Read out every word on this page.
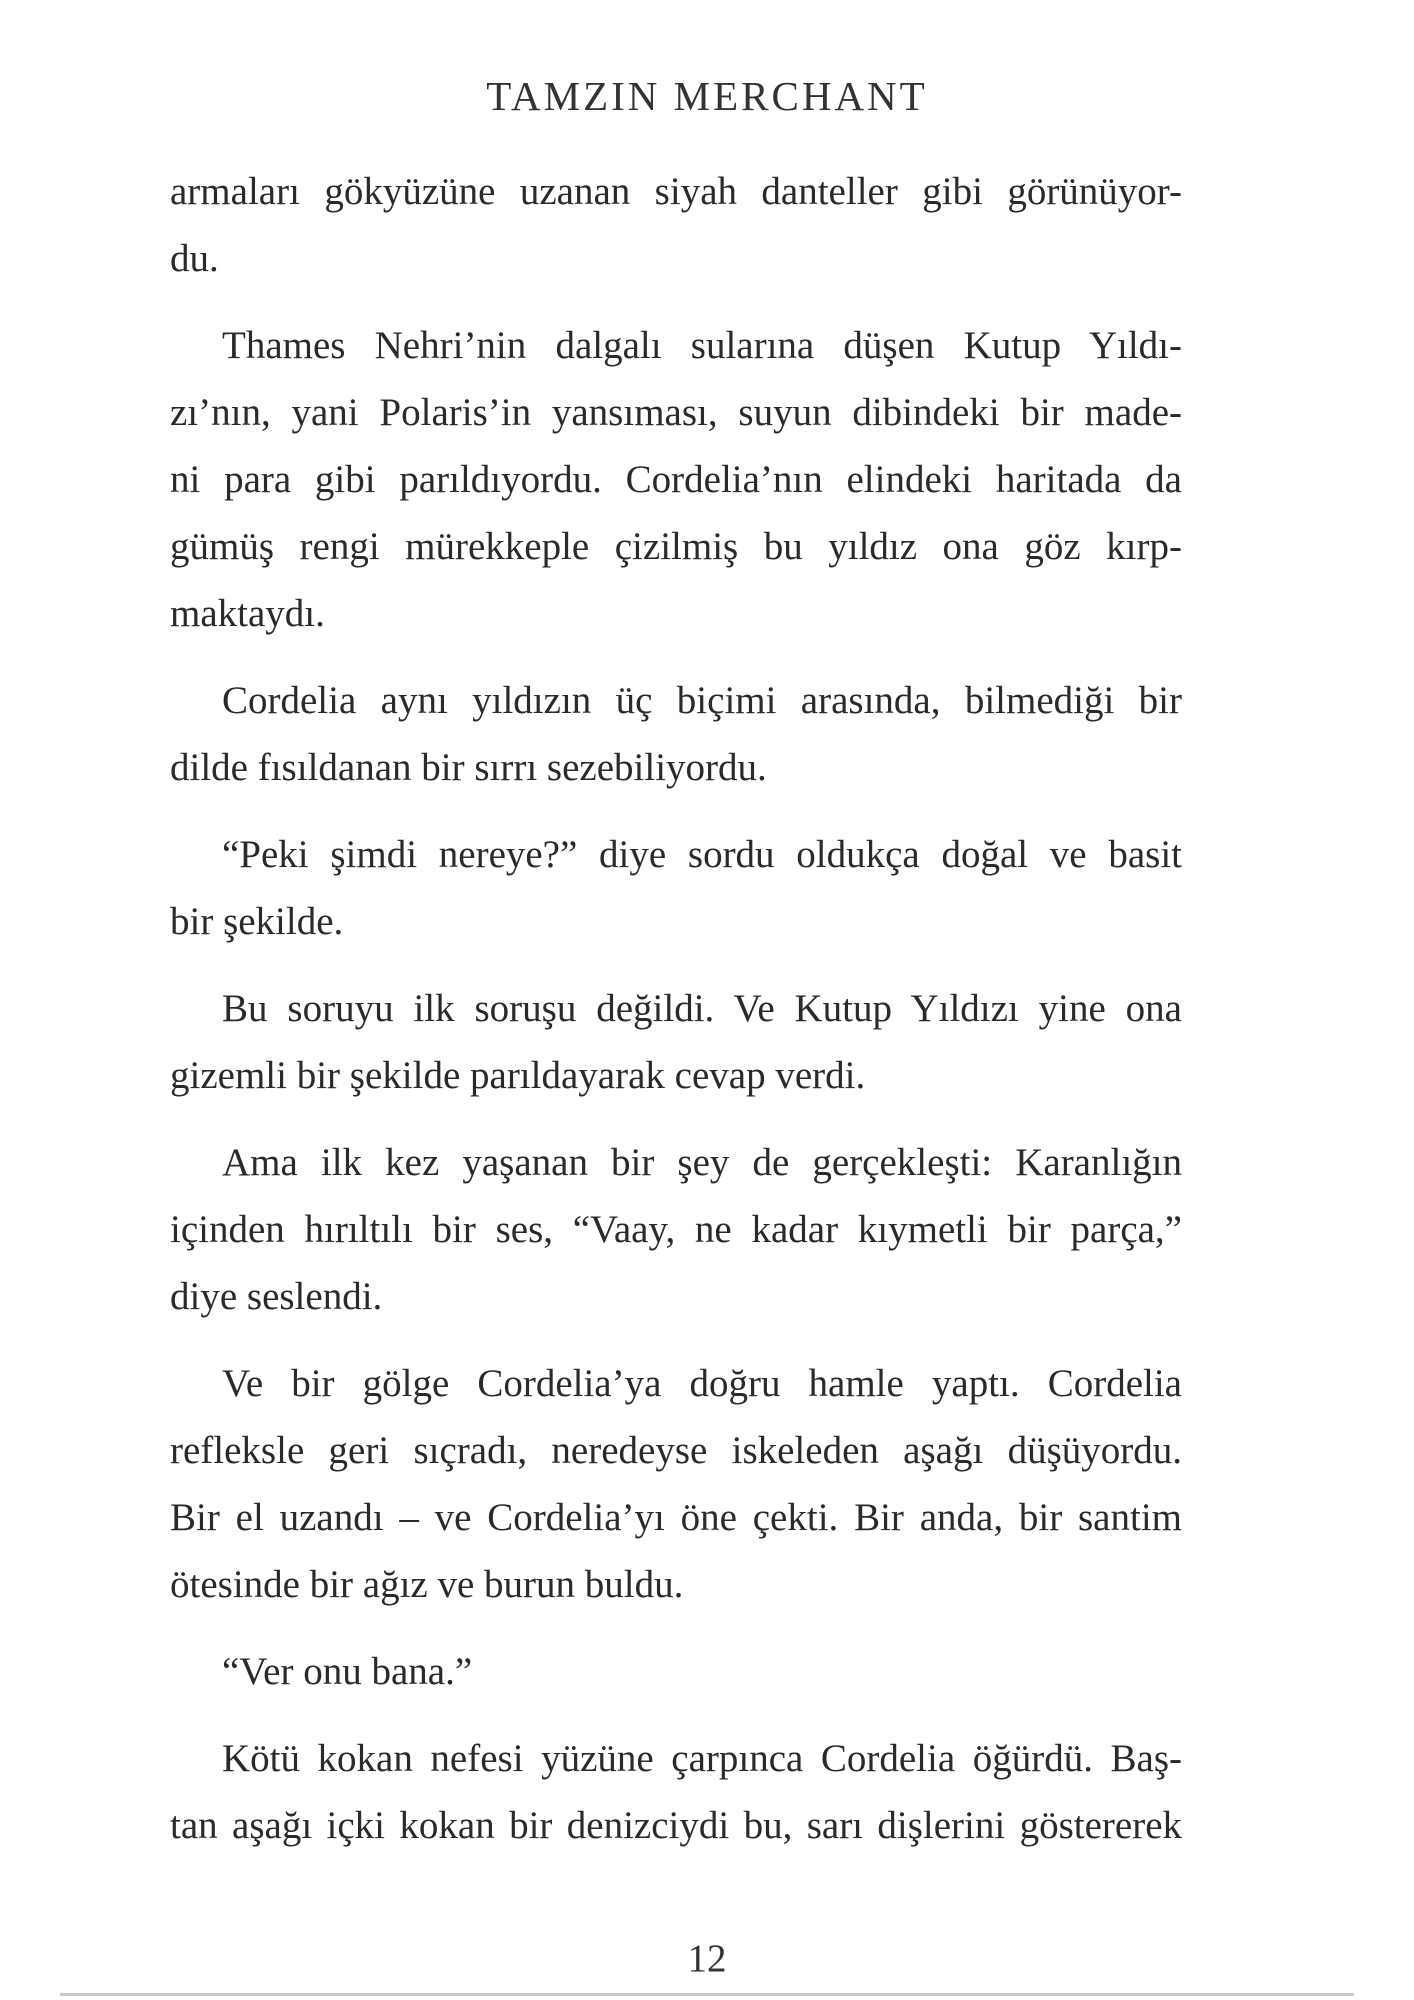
TAMZIN MERCHANT
armaları gökyüzüne uzanan siyah danteller gibi görünüyor-
du.
Thames Nehri’nin dalgalı sularına düşen Kutup Yıldı-
zı’nın, yani Polaris’in yansıması, suyun dibindeki bir made-
ni para gibi parıldıyordu. Cordelia’nın elindeki haritada da
gümüş rengi mürekkeple çizilmiş bu yıldız ona göz kırp-
maktaydı.
Cordelia aynı yıldızın üç biçimi arasında, bilmediği bir
dilde fısıldanan bir sırrı sezebiliyordu.
“Peki şimdi nereye?” diye sordu oldukça doğal ve basit
bir şekilde.
Bu soruyu ilk soruşu değildi. Ve Kutup Yıldızı yine ona
gizemli bir şekilde parıldayarak cevap verdi.
Ama ilk kez yaşanan bir şey de gerçekleşti: Karanlığın
içinden hırıltılı bir ses, “Vaay, ne kadar kıymetli bir parça,”
diye seslendi.
Ve bir gölge Cordelia’ya doğru hamle yaptı. Cordelia
refleksle geri sıçradı, neredeyse iskeleden aşağı düşüyordu.
Bir el uzandı – ve Cordelia’yı öne çekti. Bir anda, bir santim
ötesinde bir ağız ve burun buldu.
“Ver onu bana.”
Kötü kokan nefesi yüzüne çarpınca Cordelia öğürdü. Baş-
tan aşağı içki kokan bir denizciydi bu, sarı dişlerini göstererek
12
